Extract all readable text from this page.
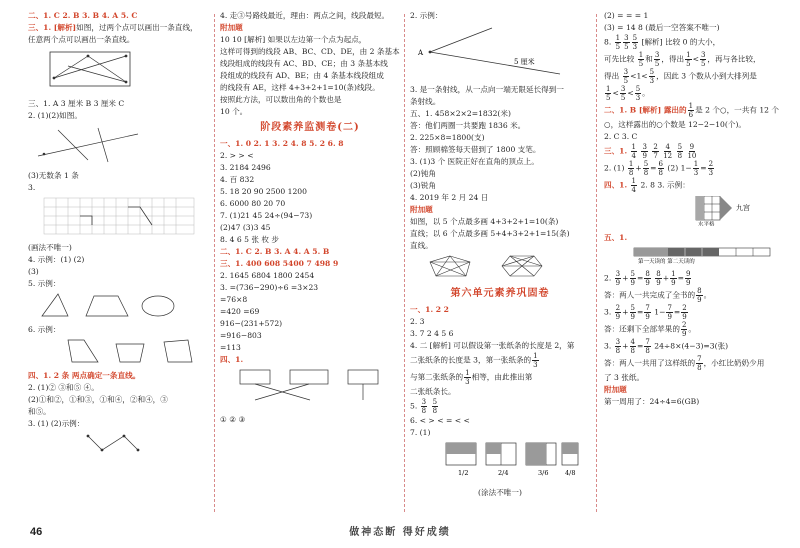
二、1. C 2. B 3. B 4. A 5. C
三、1. [解析]如图，过两个点可以画出一条直线，
任意两个点可以画出一条直线。
三、1. A 3 厘米 B 3 厘米 C
2. (1)(2)如图。
(3)无数条 1 条
3.
(画法不唯一)
4. 示例：(1) (2)
(3)
5. 示例：
6. 示例：
四、1. 2 条 两点确定一条直线。
2. (1)② ③和⑤ ④。
(2)①和②，①和③，①和④，②和④，③
和⑤。
3. (1) (2)示例：
4. 走③号路线最近，理由：两点之间，线段最短。
附加题
10 10 [解析] 如果以左边第一个点为起点，
这样可得到的线段 AB、BC、CD、DE，由 2 条基本
线段组成的线段有 AC、BD、CE；由 3 条基本线
段组成的线段有 AD、BE；由 4 条基本线段组成
的线段有 AE，这样 4+3+2+1=10(条)线段。
按照此方法，可以数出角的个数也是
10 个。
阶段素养监测卷(二)
一、1. 0 2. 1 3. 2 4. 8 5. 2 6. 8
2. > > <
3. 2184 2496
4. 百 832
5. 18 20 90 2500 1200
6. 6000 80 20 70
7. (1)21 45 24÷(94−73)
(2)47 (3)3 45
8. 4 6 5 张 枚 步
二、1. C 2. B 3. A 4. A 5. B
三、1. 400 608 5400 7 498 9
2. 1645 6804 1800 2454
3. =(736−290)÷6 =3×23
=76×8
=420 =69
916−(231+572)
=916−803
=113
四、1.
① ② ③
2. 示例：
A
5 厘米
3. 是一条射线，从一点向一端无限延长得到一
条射线。
五、1. 458×2×2=1832(米)
答：他们两圈一共要跑 1836 米。
2. 225×8=1800(支)
答：照顾棉签每天借到了 1800 支笔。
3. (1)3 个 医院正好在直角的顶点上。
(2)钝角
(3)锐角
4. 2019 年 2 月 24 日
附加题
如图，以 5 个点最多画 4+3+2+1=10(条)
直线；以 6 个点最多画 5+4+3+2+1=15(条)
直线。
第六单元素养巩固卷
一、1. 2 2
2. 3
3. 7 2 4 5 6
4. 二 [解析] 可以假设第一张纸条的长度是 2，第
二张纸条的长度是 3，第一张纸条的 $\frac{1}{3}$
与第二张纸条的 $\frac{1}{3}$ 相等，由此推出第
二张纸条长。
5. $\frac{3}{8}$
$\frac{5}{8}$
6. < > < = < <
7. (1)
1/2	2/4	3/6	4/8
(涂法不唯一)
(2) = = = 1
(3) = 14 8 (最后一空答案不唯一)
8. $\frac{1}{5} \frac{3}{5} \frac{5}{3}$ [解析] 比较 0 的大小，
可先比较 $\frac{1}{5}$ 和 $\frac{3}{5}$ ，得出 $\frac{1}{5} < \frac{3}{5}$ ，再与各比较，
得出 $\frac{3}{5} <1< \frac{5}{3}$ ，因此 3 个数从小到大排列是
$\frac{1}{5} < \frac{3}{5} < \frac{5}{3}$ 。
二、1. B [解析] 露出的 $\frac{1}{6}$ 是 2 个○，一共有 12 个
○，这样露出的○个数是 12−2−10(个)。
2. C 3. C
三、1. $\frac{1}{4}$
$\frac{3}{9}$
$\frac{2}{7}$
$\frac{4}{12}$
$\frac{5}{8}$
$\frac{9}{10}$
2. $(1) \frac{1}{8} + \frac{5}{8} = \frac{6}{8} (2)$ $1- \frac{1}{3} = \frac{2}{3}$
四、1. $\frac{1}{4} 2$. 8 3. 示例：
九宫
水平格
五、1.
第一天读的 第二天读的
2. $\frac{3}{9} + \frac{5}{9} = \frac{8}{9}$
$\frac{8}{9} + \frac{1}{9} = \frac{9}{9}$
答：两人一共完成了全书的 $\frac{8}{9}$ 。
3. $\frac{2}{9} + \frac{5}{9} = \frac{7}{9} 1- \frac{7}{9} = \frac{2}{9}$
答：还剩下全部苹果的 $\frac{2}{9}$ 。
3. $\frac{3}{8} + \frac{4}{8} = \frac{7}{8} 24\div 8\times(4-3)=3$(张)
答：两人一共用了这样纸的 $\frac{7}{8}$ ，小红比奶奶少用
了 3 张纸。
附加题
第一周用了：24÷4=6(GB)
46	做神态断 得好成绩
